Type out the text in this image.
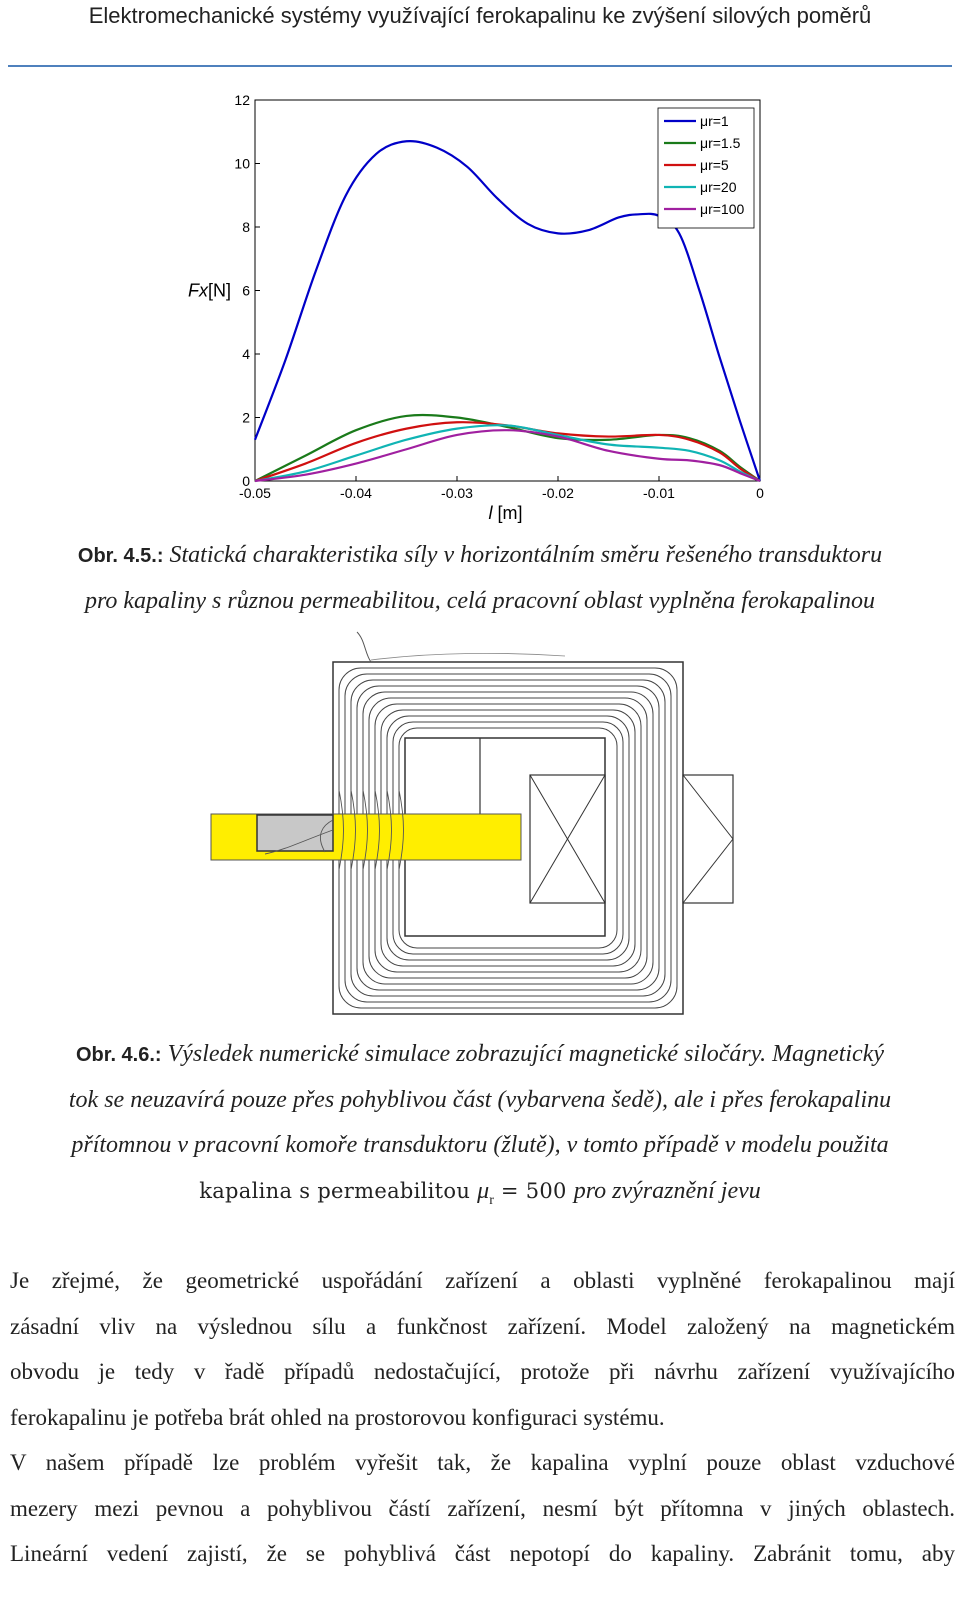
Elektromechanické systémy využívající ferokapalinu ke zvýšení silových poměrů
-0.05	-0.04	-0.03	-0.02	-0.01	0
0
2
4
6
8
10
12
l [m]
Fx[N]
μr=1
μr=1.5
μr=5
μr=20
μr=100
Obr. 4.5.: Statická charakteristika síly v horizontálním směru řešeného transduktoru
pro kapaliny s různou permeabilitou, celá pracovní oblast vyplněna ferokapalinou
Obr. 4.6.: Výsledek numerické simulace zobrazující magnetické siločáry. Magnetický
tok se neuzavírá pouze přes pohyblivou část (vybarvena šedě), ale i přes ferokapalinu
přítomnou v pracovní komoře transduktoru (žlutě), v tomto případě v modelu použita
kapalina s permeabilitou $\mu_r = 500$ pro zvýraznění jevu
Je zřejmé, že geometrické uspořádání zařízení a oblasti vyplněné ferokapalinou mají
zásadní vliv na výslednou sílu a funkčnost zařízení. Model založený na magnetickém
obvodu je tedy v řadě případů nedostačující, protože při návrhu zařízení využívajícího
ferokapalinu je potřeba brát ohled na prostorovou konfiguraci systému.
V našem případě lze problém vyřešit tak, že kapalina vyplní pouze oblast vzduchové
mezery mezi pevnou a pohyblivou částí zařízení, nesmí být přítomna v jiných oblastech.
Lineární vedení zajistí, že se pohyblivá část nepotopí do kapaliny. Zabránit tomu, aby
